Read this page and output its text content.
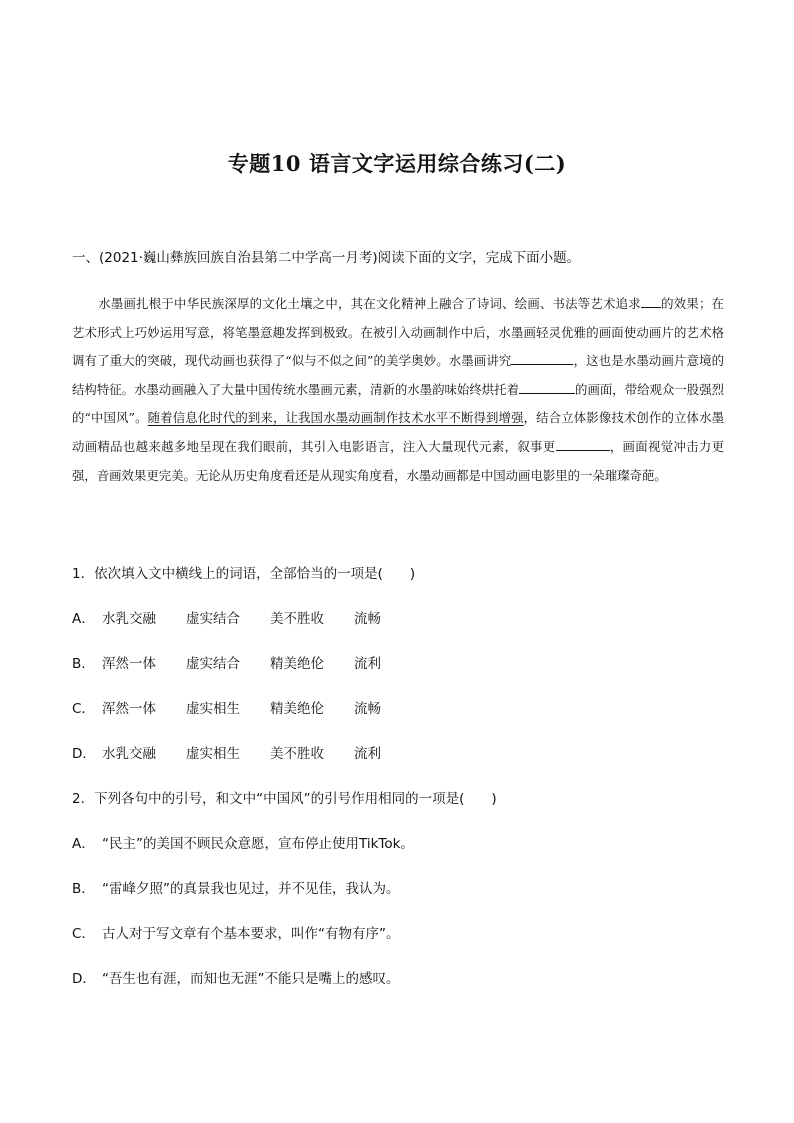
专题10 语言文字运用综合练习(二)
一、(2021·巍山彝族回族自治县第二中学高一月考)阅读下面的文字，完成下面小题。
水墨画扎根于中华民族深厚的文化土壤之中，其在文化精神上融合了诗词、绘画、书法等艺术追求 的效果；在艺术形式上巧妙运用写意，将笔墨意趣发挥到极致。在被引入动画制作中后，水墨画轻灵优雅的画面使动画片的艺术格调有了重大的突破，现代动画也获得了“似与不似之间”的美学奥妙。水墨画讲究	，这也是水墨动画片意境的结构特征。水墨动画融入了大量中国传统水墨画元素，清新的水墨韵味始终烘托着	的画面，带给观众一股强烈的“中国风”。随着信息化时代的到来，让我国水墨动画制作技术水平不断得到增强，结合立体影像技术创作的立体水墨动画精品也越来越多地呈现在我们眼前，其引入电影语言，注入大量现代元素，叙事更	，画面视觉冲击力更强，音画效果更完美。无论从历史角度看还是从现实角度看，水墨动画都是中国动画电影里的一朵璀璨奇葩。
1．依次填入文中横线上的词语，全部恰当的一项是(　　)
A． 水乳交融 虚实结合 美不胜收 流畅
B． 浑然一体 虚实结合 精美绝伦 流利
C． 浑然一体 虚实相生 精美绝伦 流畅
D． 水乳交融 虚实相生 美不胜收 流利
2．下列各句中的引号，和文中“中国风”的引号作用相同的一项是(　　)
A． “民主”的美国不顾民众意愿，宣布停止使用TikTok。
B． “雷峰夕照”的真景我也见过，并不见佳，我认为。
C． 古人对于写文章有个基本要求，叫作“有物有序”。
D． “吾生也有涯，而知也无涯”不能只是嘴上的感叹。
